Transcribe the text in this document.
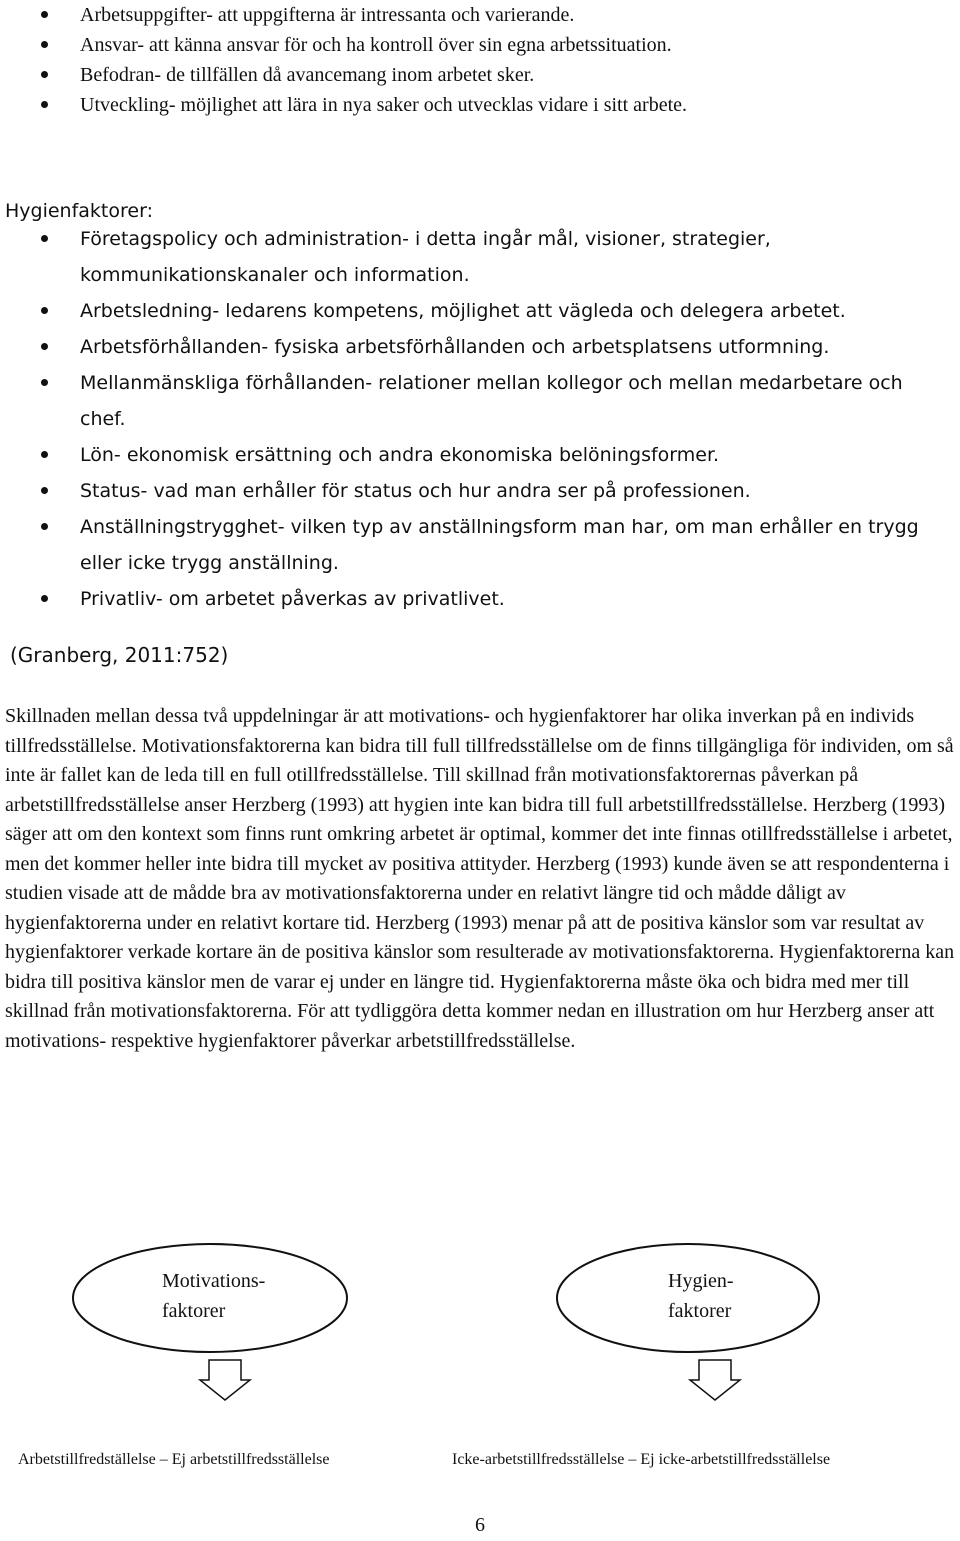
Arbetsuppgifter- att uppgifterna är intressanta och varierande.
Ansvar- att känna ansvar för och ha kontroll över sin egna arbetssituation.
Befodran- de tillfällen då avancemang inom arbetet sker.
Utveckling- möjlighet att lära in nya saker och utvecklas vidare i sitt arbete.
Hygienfaktorer:
Företagspolicy och administration- i detta ingår mål, visioner, strategier, kommunikationskanaler och information.
Arbetsledning- ledarens kompetens, möjlighet att vägleda och delegera arbetet.
Arbetsförhållanden- fysiska arbetsförhållanden och arbetsplatsens utformning.
Mellanmänskliga förhållanden- relationer mellan kollegor och mellan medarbetare och chef.
Lön- ekonomisk ersättning och andra ekonomiska belöningsformer.
Status- vad man erhåller för status och hur andra ser på professionen.
Anställningstrygghet- vilken typ av anställningsform man har, om man erhåller en trygg eller icke trygg anställning.
Privatliv- om arbetet påverkas av privatlivet.
(Granberg, 2011:752)

Skillnaden mellan dessa två uppdelningar är att motivations- och hygienfaktorer har olika inverkan på en individs tillfredsställelse. Motivationsfaktorerna kan bidra till full tillfredsställelse om de finns tillgängliga för individen, om så inte är fallet kan de leda till en full otillfredsställelse. Till skillnad från motivationsfaktorernas påverkan på arbetstillfredsställelse anser Herzberg (1993) att hygien inte kan bidra till full arbetstillfredsställelse. Herzberg (1993) säger att om den kontext som finns runt omkring arbetet är optimal, kommer det inte finnas otillfredsställelse i arbetet, men det kommer heller inte bidra till mycket av positiva attityder. Herzberg (1993) kunde även se att respondenterna i studien visade att de mådde bra av motivationsfaktorerna under en relativt längre tid och mådde dåligt av hygienfaktorerna under en relativt kortare tid. Herzberg (1993) menar på att de positiva känslor som var resultat av hygienfaktorer verkade kortare än de positiva känslor som resulterade av motivationsfaktorerna. Hygienfaktorerna kan bidra till positiva känslor men de varar ej under en längre tid. Hygienfaktorerna måste öka och bidra med mer till skillnad från motivationsfaktorerna. För att tydliggöra detta kommer nedan en illustration om hur Herzberg anser att motivations- respektive hygienfaktorer påverkar arbetstillfredsställelse.

Motivations-
faktorer
Hygien-
faktorer
Arbetstillfredställelse – Ej arbetstillfredsställelse	Icke-arbetstillfredsställelse – Ej icke-arbetstillfredsställelse
6
